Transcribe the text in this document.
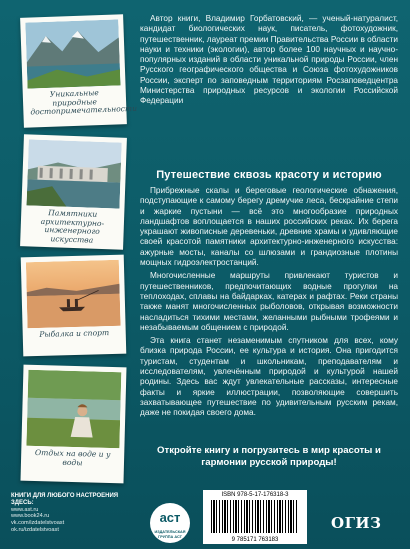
Уникальные природные достопримечательности
Памятники архитектурно-инженерного искусства
Рыбалка и спорт
Отдых на воде и у воды
Автор книги, Владимир Горбатовский, — ученый-натуралист, кандидат биологических наук, писатель, фотохудожник, путешественник, лауреат премии Правительства России в области науки и техники (экологии), автор более 100 научных и научно-популярных изданий в области уникальной природы России, член Русского географического общества и Союза фотохудожников России, эксперт по заповедным территориям Росзаповедцентра Министерства природных ресурсов и экологии Российской Федерации
Путешествие сквозь красоту и историю

Прибрежные скалы и береговые геологические обнажения, подступающие к самому берегу дремучие леса, бескрайние степи и жаркие пустыни — всё это многообразие природных ландшафтов воплощается в наших российских реках. Их берега украшают живописные деревеньки, древние храмы и удивляющие своей красотой памятники архитектурно-инженерного искусства: ажурные мосты, каналы со шлюзами и грандиозные плотины мощных гидроэлектростанций.

Многочисленные маршруты привлекают туристов и путешественников, предпочитающих водные прогулки на теплоходах, сплавы на байдарках, катерах и рафтах. Реки страны также манят многочисленных рыболовов, открывая возможности насладиться тихими местами, желанными рыбными трофеями и незабываемым общением с природой.

Эта книга станет незаменимым спутником для всех, кому близка природа России, ее культура и история. Она пригодится туристам, студентам и школьникам, преподавателям и исследователям, увлечённым природой и культурой нашей родины. Здесь вас ждут увлекательные рассказы, интересные факты и яркие иллюстрации, позволяющие совершить захватывающее путешествие по удивительным русским рекам, даже не покидая своего дома.

Откройте книгу и погрузитесь в мир красоты и гармонии русской природы!
КНИГИ ДЛЯ ЛЮБОГО НАСТРОЕНИЯ ЗДЕСЬ:
www.ast.ru
www.book24.ru
vk.com/izdatelstvoast
ok.ru/izdatelstvoast
аст
ИЗДАТЕЛЬСКАЯ ГРУППА АСТ
ISBN 978-5-17-176318-3
9 785171 763183
ОГИЗ
